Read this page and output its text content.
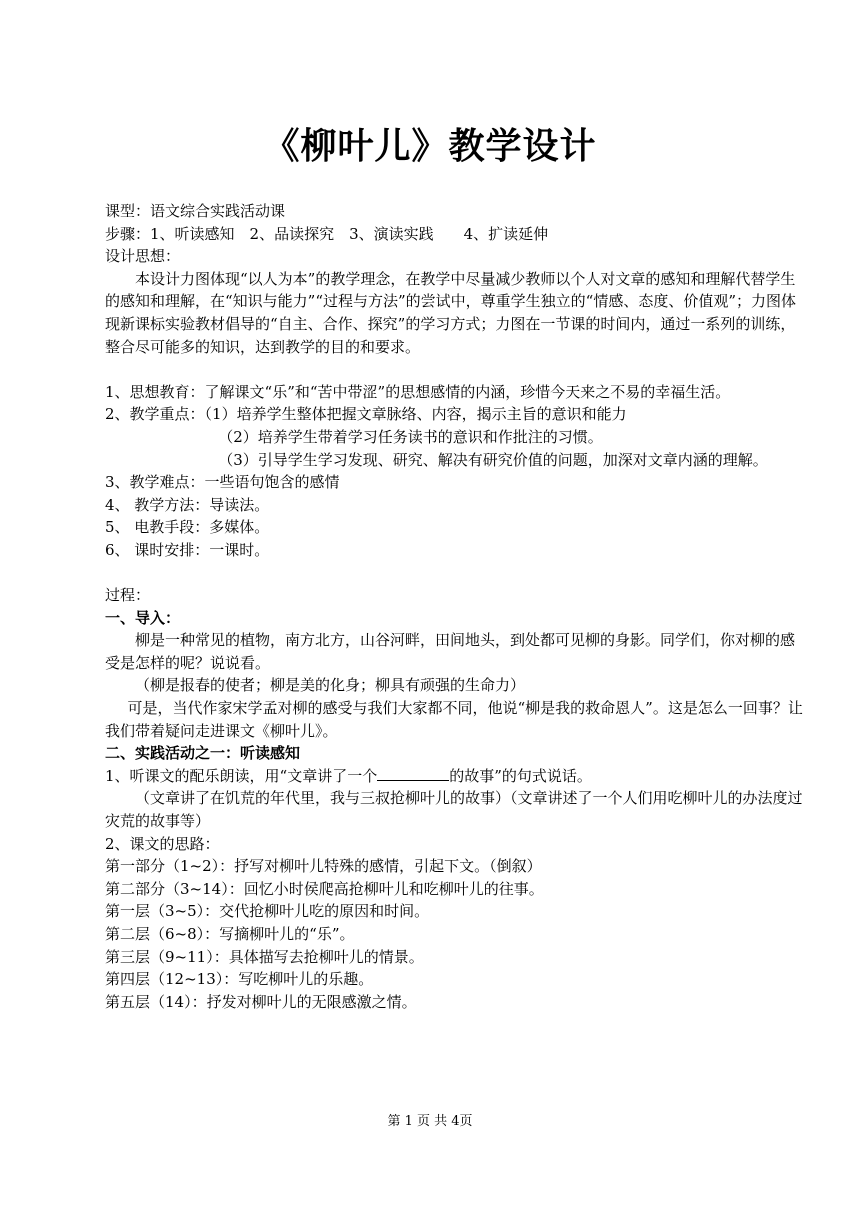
《柳叶儿》教学设计

课型：语文综合实践活动课

步骤：1、听读感知　2、品读探究　3、演读实践　　4、扩读延伸

设计思想：

本设计力图体现“以人为本”的教学理念，在教学中尽量减少教师以个人对文章的感知和理解代替学生的感知和理解，在“知识与能力”“过程与方法”的尝试中，尊重学生独立的“情感、态度、价值观”；力图体现新课标实验教材倡导的“自主、合作、探究”的学习方式；力图在一节课的时间内，通过一系列的训练，整合尽可能多的知识，达到教学的目的和要求。

1、思想教育：了解课文“乐”和“苦中带涩”的思想感情的内涵，珍惜今天来之不易的幸福生活。

2、教学重点：（1）培养学生整体把握文章脉络、内容，揭示主旨的意识和能力

（2）培养学生带着学习任务读书的意识和作批注的习惯。

（3）引导学生学习发现、研究、解决有研究价值的问题，加深对文章内涵的理解。

3、教学难点：一些语句饱含的感情

4、 教学方法：导读法。

5、 电教手段：多媒体。

6、 课时安排：一课时。

过程：

一、导入：

柳是一种常见的植物，南方北方，山谷河畔，田间地头，到处都可见柳的身影。同学们，你对柳的感受是怎样的呢？说说看。

（柳是报春的使者；柳是美的化身；柳具有顽强的生命力）

可是，当代作家宋学孟对柳的感受与我们大家都不同，他说“柳是我的救命恩人”。这是怎么一回事？让我们带着疑问走进课文《柳叶儿》。

二、实践活动之一：听读感知

1、听课文的配乐朗读，用“文章讲了一个	的故事”的句式说话。

（文章讲了在饥荒的年代里，我与三叔抢柳叶儿的故事）（文章讲述了一个人们用吃柳叶儿的办法度过灾荒的故事等）

2、课文的思路：

第一部分（1~2）：抒写对柳叶儿特殊的感情，引起下文。（倒叙）

第二部分（3~14）：回忆小时侯爬高抢柳叶儿和吃柳叶儿的往事。

第一层（3~5）：交代抢柳叶儿吃的原因和时间。

第二层（6~8）：写摘柳叶儿的“乐”。

第三层（9~11）：具体描写去抢柳叶儿的情景。

第四层（12~13）：写吃柳叶儿的乐趣。

第五层（14）：抒发对柳叶儿的无限感激之情。

第 1 页 共 4页
